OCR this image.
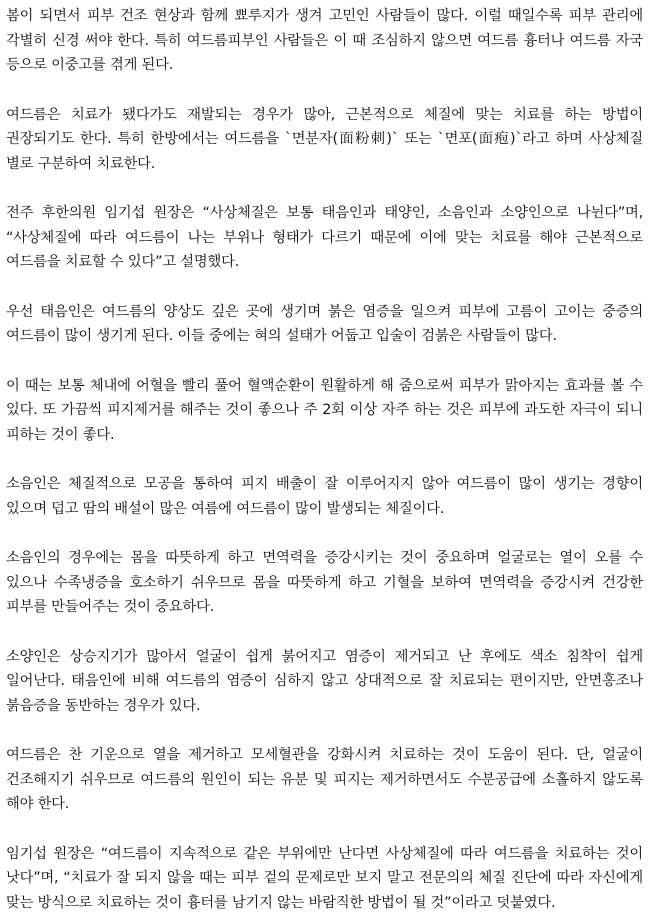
봄이 되면서 피부 건조 현상과 함께 뾰루지가 생겨 고민인 사람들이 많다. 이럴 때일수록 피부 관리에 각별히 신경 써야 한다. 특히 여드름피부인 사람들은 이 때 조심하지 않으면 여드름 흉터나 여드름 자국 등으로 이중고를 겪게 된다.

여드름은 치료가 됐다가도 재발되는 경우가 많아, 근본적으로 체질에 맞는 치료를 하는 방법이 권장되기도 한다. 특히 한방에서는 여드름을 `면분자(面粉刺)` 또는 `면포(面疱)`라고 하며 사상체질 별로 구분하여 치료한다.

전주 후한의원 임기섭 원장은 “사상체질은 보통 태음인과 태양인, 소음인과 소양인으로 나뉜다”며, “사상체질에 따라 여드름이 나는 부위나 형태가 다르기 때문에 이에 맞는 치료를 해야 근본적으로 여드름을 치료할 수 있다”고 설명했다.

우선 태음인은 여드름의 양상도 깊은 곳에 생기며 붉은 염증을 일으켜 피부에 고름이 고이는 중증의 여드름이 많이 생기게 된다. 이들 중에는 혀의 설태가 어둡고 입술이 검붉은 사람들이 많다.

이 때는 보통 체내에 어혈을 빨리 풀어 혈액순환이 원활하게 해 줌으로써 피부가 맑아지는 효과를 볼 수 있다. 또 가끔씩 피지제거를 해주는 것이 좋으나 주 2회 이상 자주 하는 것은 피부에 과도한 자극이 되니 피하는 것이 좋다.

소음인은 체질적으로 모공을 통하여 피지 배출이 잘 이루어지지 않아 여드름이 많이 생기는 경향이 있으며 덥고 땀의 배설이 많은 여름에 여드름이 많이 발생되는 체질이다.

소음인의 경우에는 몸을 따뜻하게 하고 면역력을 증강시키는 것이 중요하며 얼굴로는 열이 오를 수 있으나 수족냉증을 호소하기 쉬우므로 몸을 따뜻하게 하고 기혈을 보하여 면역력을 증강시켜 건강한 피부를 만들어주는 것이 중요하다.

소양인은 상승지기가 많아서 얼굴이 쉽게 붉어지고 염증이 제거되고 난 후에도 색소 침착이 쉽게 일어난다. 태음인에 비해 여드름의 염증이 심하지 않고 상대적으로 잘 치료되는 편이지만, 안면홍조나 붉음증을 동반하는 경우가 있다.

여드름은 찬 기운으로 열을 제거하고 모세혈관을 강화시켜 치료하는 것이 도움이 된다. 단, 얼굴이 건조해지기 쉬우므로 여드름의 원인이 되는 유분 및 피지는 제거하면서도 수분공급에 소홀하지 않도록 해야 한다.

임기섭 원장은 “여드름이 지속적으로 같은 부위에만 난다면 사상체질에 따라 여드름을 치료하는 것이 낫다”며, “치료가 잘 되지 않을 때는 피부 겉의 문제로만 보지 말고 전문의의 체질 진단에 따라 자신에게 맞는 방식으로 치료하는 것이 흉터를 남기지 않는 바람직한 방법이 될 것”이라고 덧붙였다.
